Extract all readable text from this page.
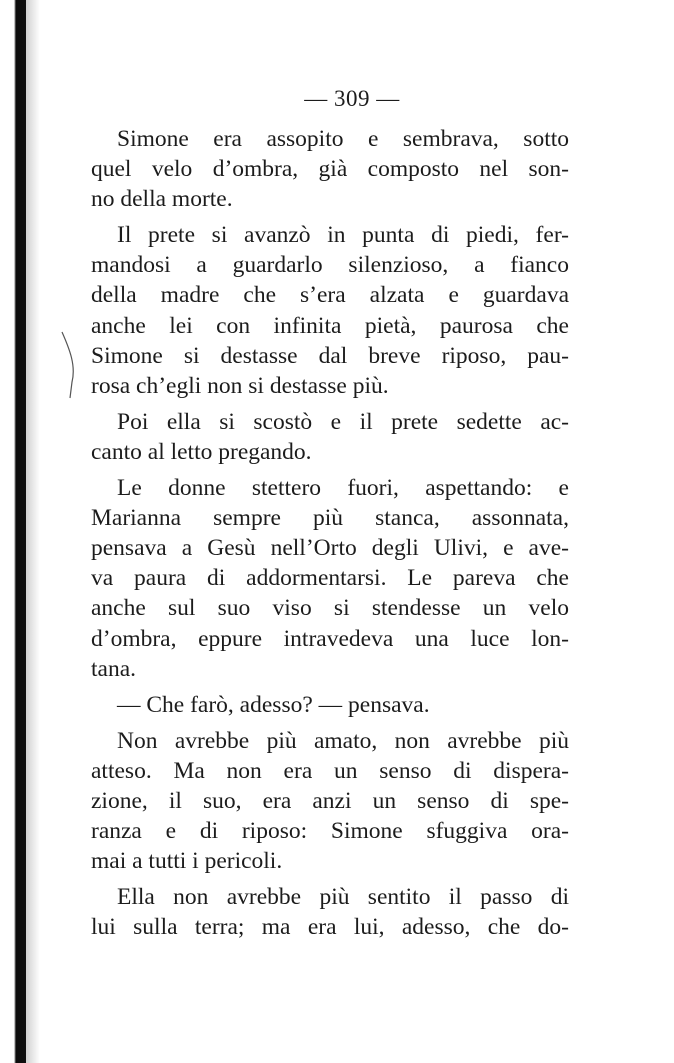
— 309 —
Simone era assopito e sembrava, sotto
quel velo d’ombra, già composto nel son-
no della morte.
Il prete si avanzò in punta di piedi, fer-
mandosi a guardarlo silenzioso, a fianco
della madre che s’era alzata e guardava
anche lei con infinita pietà, paurosa che
Simone si destasse dal breve riposo, pau-
rosa ch’egli non si destasse più.
Poi ella si scostò e il prete sedette ac-
canto al letto pregando.
Le donne stettero fuori, aspettando: e
Marianna sempre più stanca, assonnata,
pensava a Gesù nell’Orto degli Ulivi, e ave-
va paura di addormentarsi. Le pareva che
anche sul suo viso si stendesse un velo
d’ombra, eppure intravedeva una luce lon-
tana.
— Che farò, adesso? — pensava.
Non avrebbe più amato, non avrebbe più
atteso. Ma non era un senso di dispera-
zione, il suo, era anzi un senso di spe-
ranza e di riposo: Simone sfuggiva ora-
mai a tutti i pericoli.
Ella non avrebbe più sentito il passo di
lui sulla terra; ma era lui, adesso, che do-
